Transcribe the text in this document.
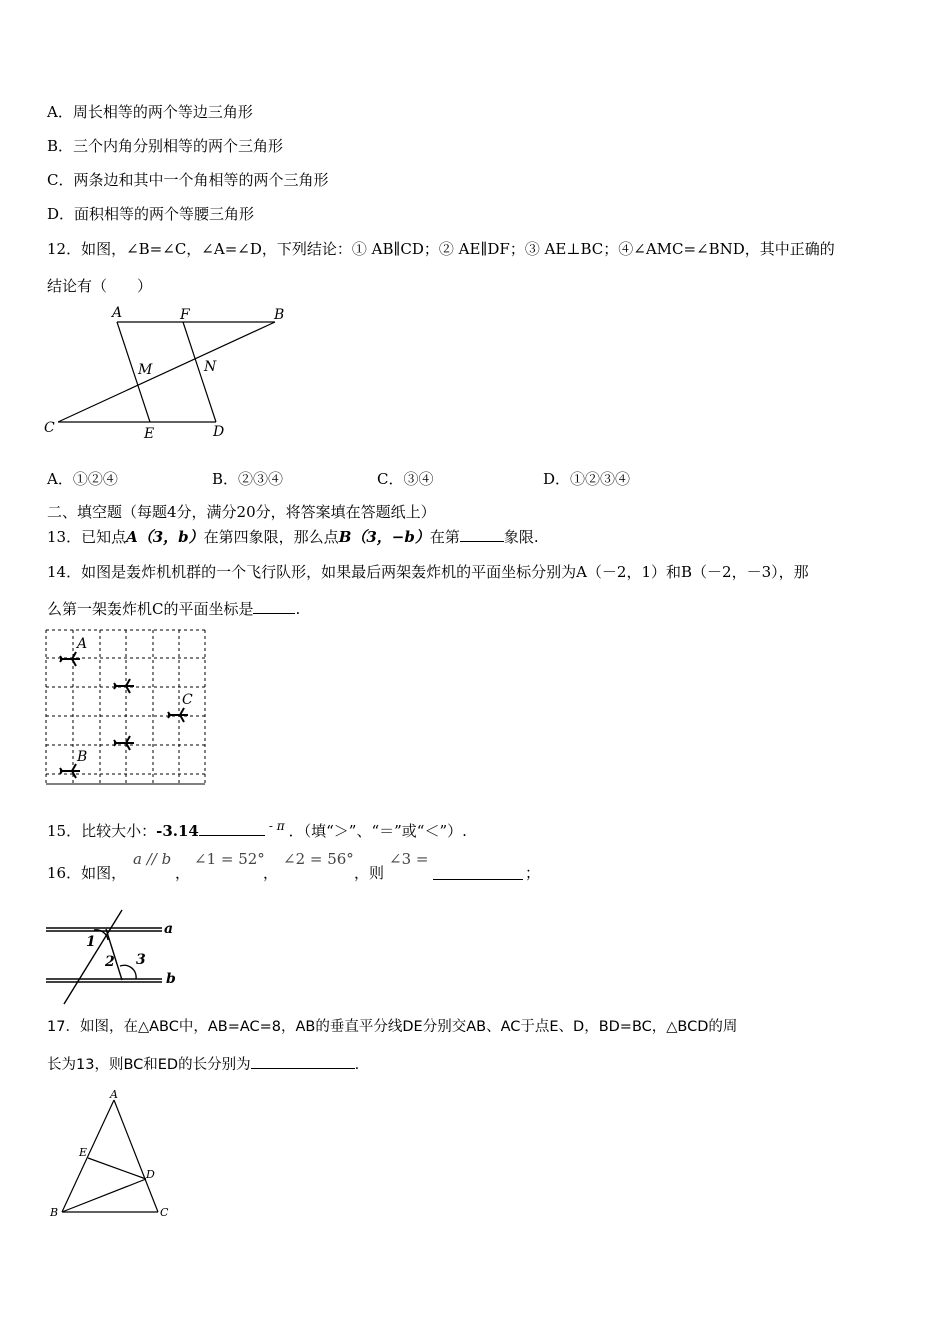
A．周长相等的两个等边三角形
B．三个内角分别相等的两个三角形
C．两条边和其中一个角相等的两个三角形
D．面积相等的两个等腰三角形
12．如图，∠B=∠C，∠A=∠D，下列结论：① AB∥CD；② AE∥DF；③ AE⊥BC；④∠AMC=∠BND，其中正确的
结论有（　　）
A	F	B
M	N
C	E	D
A．①②④	B．②③④	C．③④	D．①②③④
二、填空题（每题4分，满分20分，将答案填在答题纸上）
13．已知点A（3，b）在第四象限，那么点B（3，−b）在第	象限.
14．如图是轰炸机机群的一个飞行队形，如果最后两架轰炸机的平面坐标分别为A（－2，1）和B（－2，－3），那
么第一架轰炸机C的平面坐标是	.
A
C
B
15．比较大小：-3.14	$^{- \pi}$ ．（填“＞”、“＝”或“＜”）.
16．如图，
a // b
，
∠1 = 52°
，
∠2 = 56°
，则
∠3 =
；
a
b
1
2 3
17．如图，在△ABC中，AB=AC=8，AB的垂直平分线DE分别交AB、AC于点E、D，BD=BC，△BCD的周
长为13，则BC和ED的长分别为	.
A
E
D
B	C
